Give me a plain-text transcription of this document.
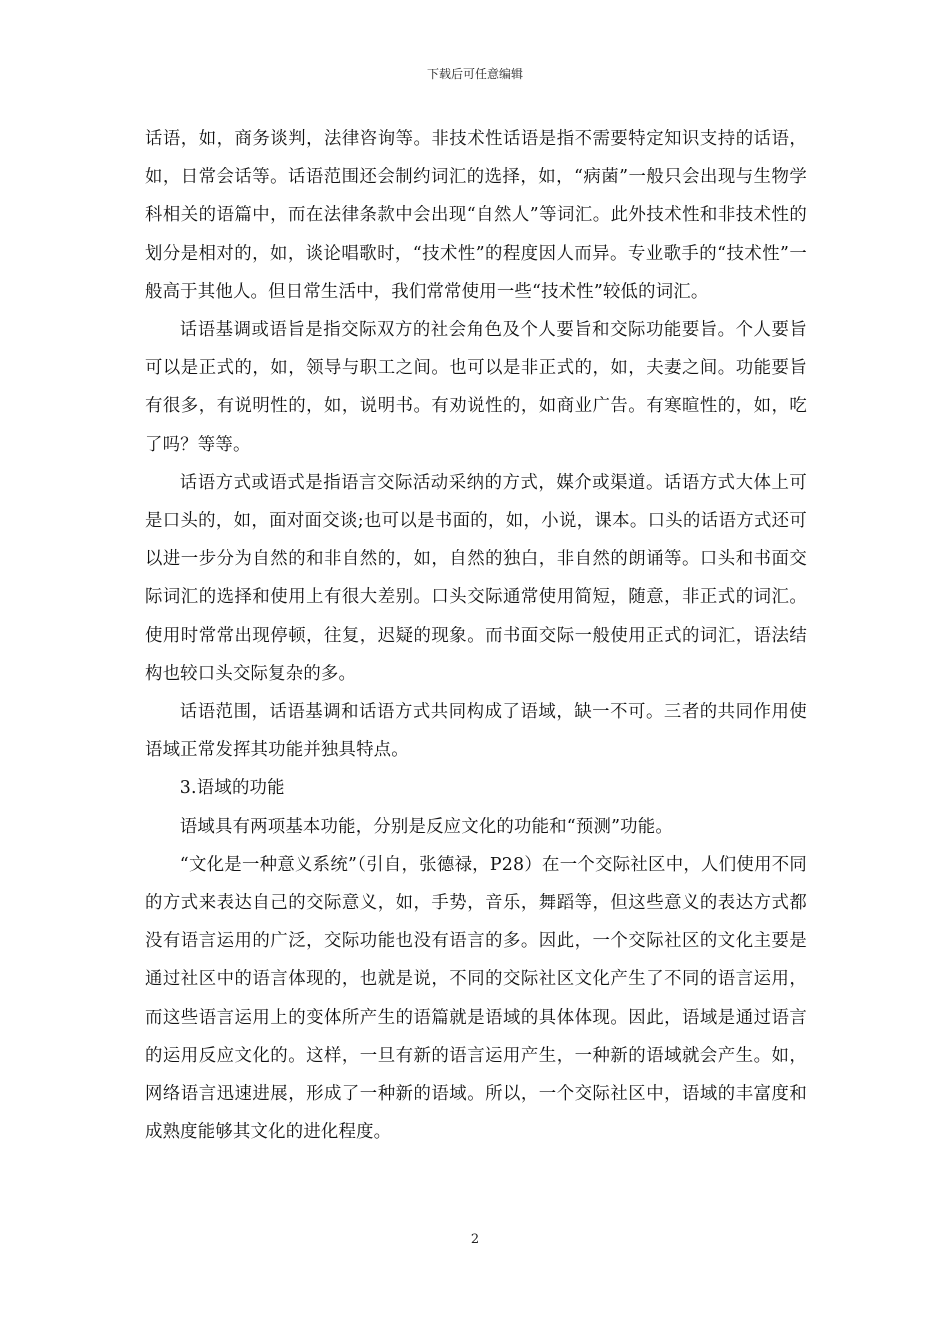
下载后可任意编辑

话语，如，商务谈判，法律咨询等。非技术性话语是指不需要特定知识支持的话语，如，日常会话等。话语范围还会制约词汇的选择，如，“病菌”一般只会出现与生物学科相关的语篇中，而在法律条款中会出现“自然人”等词汇。此外技术性和非技术性的划分是相对的，如，谈论唱歌时，“技术性”的程度因人而异。专业歌手的“技术性”一般高于其他人。但日常生活中，我们常常使用一些“技术性”较低的词汇。

话语基调或语旨是指交际双方的社会角色及个人要旨和交际功能要旨。个人要旨可以是正式的，如，领导与职工之间。也可以是非正式的，如，夫妻之间。功能要旨有很多，有说明性的，如，说明书。有劝说性的，如商业广告。有寒暄性的，如，吃了吗？等等。

话语方式或语式是指语言交际活动采纳的方式，媒介或渠道。话语方式大体上可是口头的，如，面对面交谈;也可以是书面的，如，小说，课本。口头的话语方式还可以进一步分为自然的和非自然的，如，自然的独白，非自然的朗诵等。口头和书面交际词汇的选择和使用上有很大差别。口头交际通常使用简短，随意，非正式的词汇。使用时常常出现停顿，往复，迟疑的现象。而书面交际一般使用正式的词汇，语法结构也较口头交际复杂的多。

话语范围，话语基调和话语方式共同构成了语域，缺一不可。三者的共同作用使语域正常发挥其功能并独具特点。

3.语域的功能

语域具有两项基本功能，分别是反应文化的功能和“预测”功能。

“文化是一种意义系统”（引自，张德禄，P28）在一个交际社区中，人们使用不同的方式来表达自己的交际意义，如，手势，音乐，舞蹈等，但这些意义的表达方式都没有语言运用的广泛，交际功能也没有语言的多。因此，一个交际社区的文化主要是通过社区中的语言体现的，也就是说，不同的交际社区文化产生了不同的语言运用，而这些语言运用上的变体所产生的语篇就是语域的具体体现。因此，语域是通过语言的运用反应文化的。这样，一旦有新的语言运用产生，一种新的语域就会产生。如，网络语言迅速进展，形成了一种新的语域。所以，一个交际社区中，语域的丰富度和成熟度能够其文化的进化程度。

2
